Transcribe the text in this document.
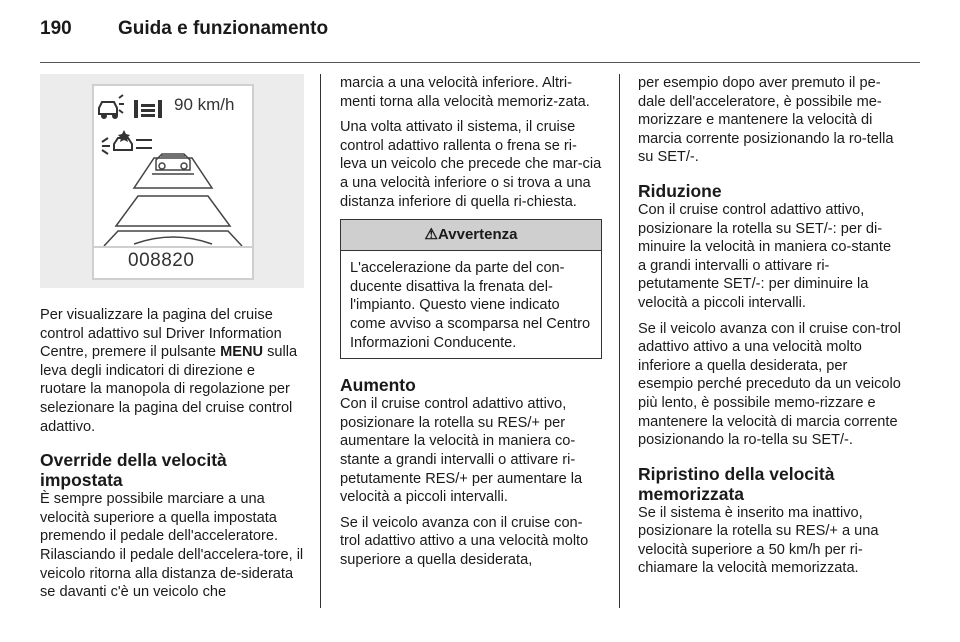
190 Guida e funzionamento
90 km/h
008820

Per visualizzare la pagina del cruise control adattivo sul Driver Information Centre, premere il pulsante MENU sulla leva degli indicatori di direzione e ruotare la manopola di regolazione per selezionare la pagina del cruise control adattivo.

Override della velocità impostata

È sempre possibile marciare a una velocità superiore a quella impostata premendo il pedale dell'acceleratore. Rilasciando il pedale dell'accelera-tore, il veicolo ritorna alla distanza de-siderata se davanti c'è un veicolo che

marcia a una velocità inferiore. Altri-menti torna alla velocità memoriz-zata.

Una volta attivato il sistema, il cruise control adattivo rallenta o frena se ri-leva un veicolo che precede che mar-cia a una velocità inferiore o si trova a una distanza inferiore di quella ri-chiesta.

⚠Avvertenza
L'accelerazione da parte del con-ducente disattiva la frenata del-l'impianto. Questo viene indicato come avviso a scomparsa nel Centro Informazioni Conducente.
Aumento

Con il cruise control adattivo attivo, posizionare la rotella su RES/+ per aumentare la velocità in maniera co-stante a grandi intervalli o attivare ri-petutamente RES/+ per aumentare la velocità a piccoli intervalli.

Se il veicolo avanza con il cruise con-trol adattivo attivo a una velocità molto superiore a quella desiderata,

per esempio dopo aver premuto il pe-dale dell'acceleratore, è possibile me-morizzare e mantenere la velocità di marcia corrente posizionando la ro-tella su SET/-.

Riduzione

Con il cruise control adattivo attivo, posizionare la rotella su SET/-: per di-minuire la velocità in maniera co-stante a grandi intervalli o attivare ri-petutamente SET/-: per diminuire la velocità a piccoli intervalli.

Se il veicolo avanza con il cruise con-trol adattivo attivo a una velocità molto inferiore a quella desiderata, per esempio perché preceduto da un veicolo più lento, è possibile memo-rizzare e mantenere la velocità di marcia corrente posizionando la ro-tella su SET/-.

Ripristino della velocità memorizzata

Se il sistema è inserito ma inattivo, posizionare la rotella su RES/+ a una velocità superiore a 50 km/h per ri-chiamare la velocità memorizzata.
